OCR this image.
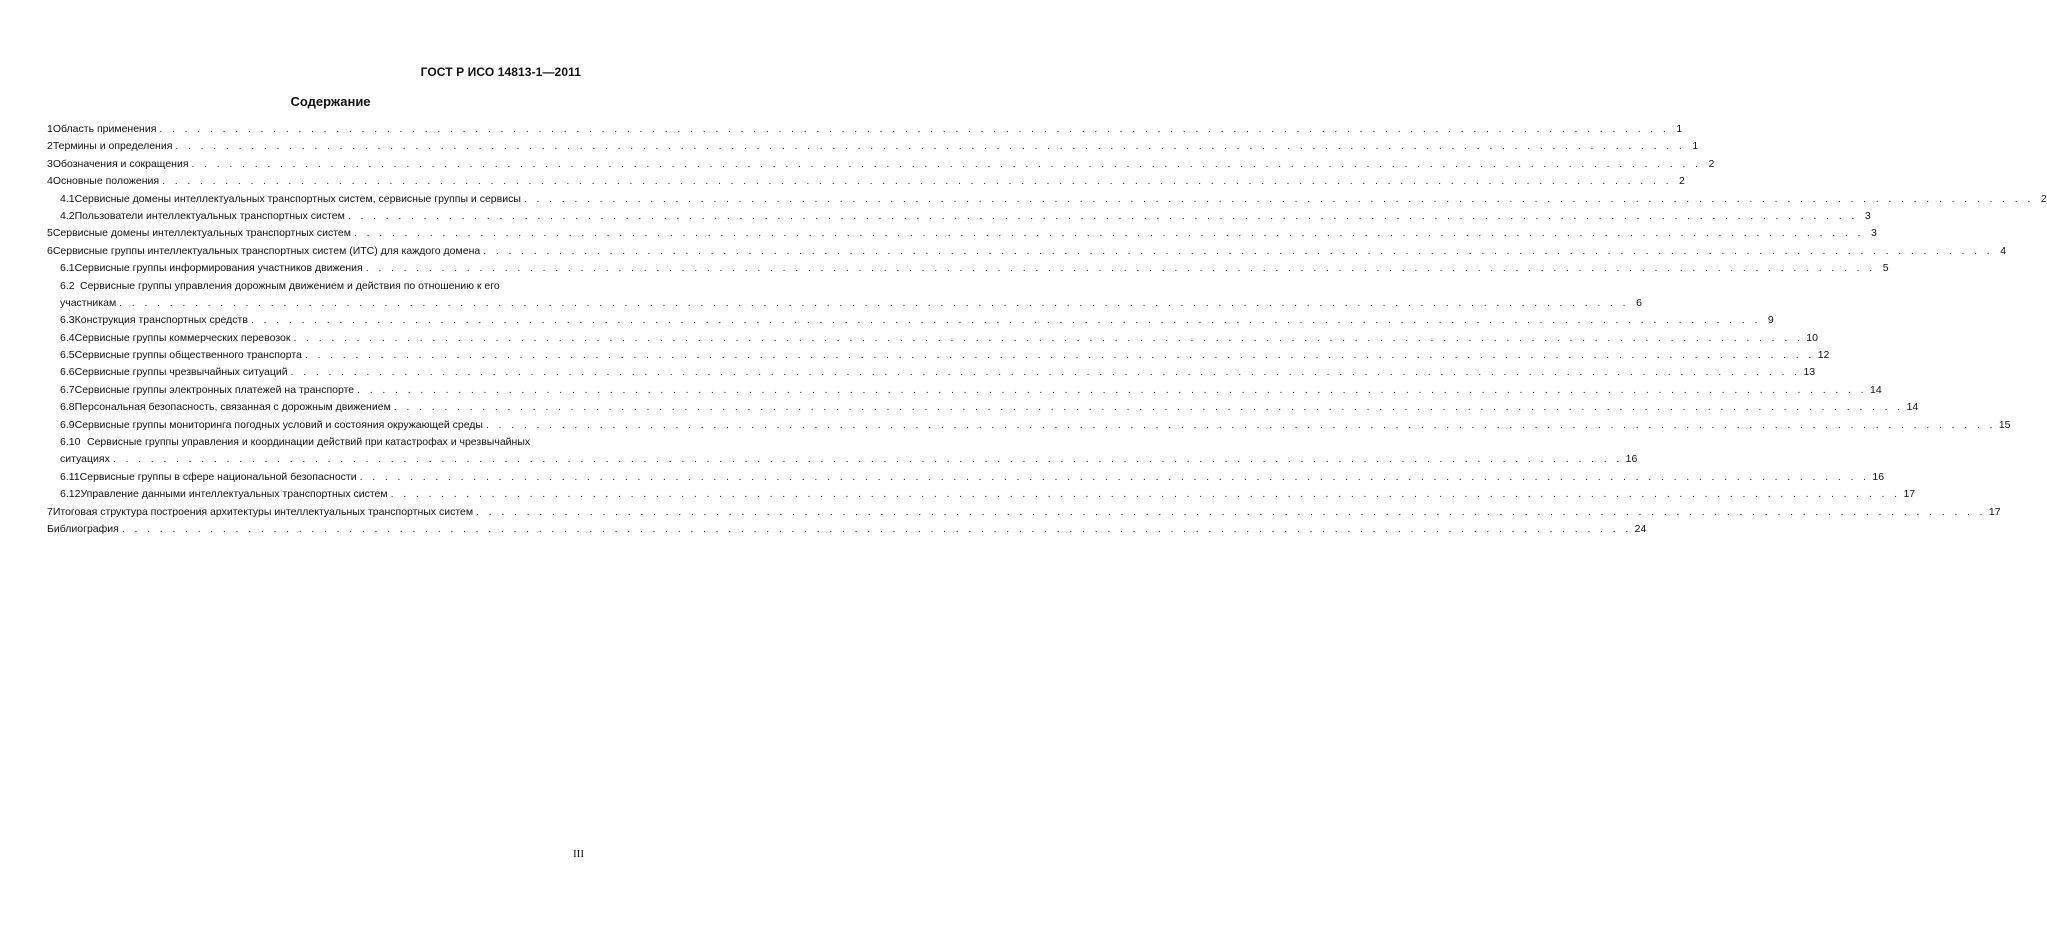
ГОСТ Р ИСО 14813-1—2011
Содержание
1 Область применения . . . . . . . . . . . . . . . . . . . . . . . . . . . . . . . . . . . . . . . . . . . . . . . . . . . . . . . . . . . . . . . . . . . . . . . . . . . . . . . . . . . . . . . . . . . . . . . . . . . . . . . . . . . . . . . . . . . . . . . . 1
2 Термины и определения . . . . . . . . . . . . . . . . . . . . . . . . . . . . . . . . . . . . . . . . . . . . . . . . . . . . . . . . . . . . . . . . . . . . . . . . . . . . . . . . . . . . . . . . . . . . . . . . . . . . . . . . . . . . . . . . . . . . . . . . 1
3 Обозначения и сокращения . . . . . . . . . . . . . . . . . . . . . . . . . . . . . . . . . . . . . . . . . . . . . . . . . . . . . . . . . . . . . . . . . . . . . . . . . . . . . . . . . . . . . . . . . . . . . . . . . . . . . . . . . . . . . . . . . . . . . . . . 2
4 Основные положения . . . . . . . . . . . . . . . . . . . . . . . . . . . . . . . . . . . . . . . . . . . . . . . . . . . . . . . . . . . . . . . . . . . . . . . . . . . . . . . . . . . . . . . . . . . . . . . . . . . . . . . . . . . . . . . . . . . . . . . . 2
4.1 Сервисные домены интеллектуальных транспортных систем, сервисные группы и сервисы . . . . . . . . . . . . . . . . . . . . . . . . . . . . . . . . . . . . . . . . . . . . . . . . . . . . . . . . . . . . . . . . . . . . . . . . . . . . . . . . . . . . . . . . . . . . . . . . . . . . . . . . . . . . . . . . . . . . . . . . 2
4.2 Пользователи интеллектуальных транспортных систем . . . . . . . . . . . . . . . . . . . . . . . . . . . . . . . . . . . . . . . . . . . . . . . . . . . . . . . . . . . . . . . . . . . . . . . . . . . . . . . . . . . . . . . . . . . . . . . . . . . . . . . . . . . . . . . . . . . . . . . . 3
5 Сервисные домены интеллектуальных транспортных систем . . . . . . . . . . . . . . . . . . . . . . . . . . . . . . . . . . . . . . . . . . . . . . . . . . . . . . . . . . . . . . . . . . . . . . . . . . . . . . . . . . . . . . . . . . . . . . . . . . . . . . . . . . . . . . . . . . . . . . . . 3
6 Сервисные группы интеллектуальных транспортных систем (ИТС) для каждого домена . . . . . . . . . . . . . . . . . . . . . . . . . . . . . . . . . . . . . . . . . . . . . . . . . . . . . . . . . . . . . . . . . . . . . . . . . . . . . . . . . . . . . . . . . . . . . . . . . . . . . . . . . . . . . . . . . . . . . . . . 4
6.1 Сервисные группы информирования участников движения . . . . . . . . . . . . . . . . . . . . . . . . . . . . . . . . . . . . . . . . . . . . . . . . . . . . . . . . . . . . . . . . . . . . . . . . . . . . . . . . . . . . . . . . . . . . . . . . . . . . . . . . . . . . . . . . . . . . . . . . 5
6.2 Сервисные группы управления дорожным движением и действия по отношению к его
участникам . . . . . . . . . . . . . . . . . . . . . . . . . . . . . . . . . . . . . . . . . . . . . . . . . . . . . . . . . . . . . . . . . . . . . . . . . . . . . . . . . . . . . . . . . . . . . . . . . . . . . . . . . . . . . . . . . . . . . . . . 6
6.3 Конструкция транспортных средств . . . . . . . . . . . . . . . . . . . . . . . . . . . . . . . . . . . . . . . . . . . . . . . . . . . . . . . . . . . . . . . . . . . . . . . . . . . . . . . . . . . . . . . . . . . . . . . . . . . . . . . . . . . . . . . . . . . . . . . . 9
6.4 Сервисные группы коммерческих перевозок . . . . . . . . . . . . . . . . . . . . . . . . . . . . . . . . . . . . . . . . . . . . . . . . . . . . . . . . . . . . . . . . . . . . . . . . . . . . . . . . . . . . . . . . . . . . . . . . . . . . . . . . . . . . . . . . . . . . . . . . 10
6.5 Сервисные группы общественного транспорта . . . . . . . . . . . . . . . . . . . . . . . . . . . . . . . . . . . . . . . . . . . . . . . . . . . . . . . . . . . . . . . . . . . . . . . . . . . . . . . . . . . . . . . . . . . . . . . . . . . . . . . . . . . . . . . . . . . . . . . . 12
6.6 Сервисные группы чрезвычайных ситуаций . . . . . . . . . . . . . . . . . . . . . . . . . . . . . . . . . . . . . . . . . . . . . . . . . . . . . . . . . . . . . . . . . . . . . . . . . . . . . . . . . . . . . . . . . . . . . . . . . . . . . . . . . . . . . . . . . . . . . . . . 13
6.7 Сервисные группы электронных платежей на транспорте . . . . . . . . . . . . . . . . . . . . . . . . . . . . . . . . . . . . . . . . . . . . . . . . . . . . . . . . . . . . . . . . . . . . . . . . . . . . . . . . . . . . . . . . . . . . . . . . . . . . . . . . . . . . . . . . . . . . . . . . 14
6.8 Персональная безопасность, связанная с дорожным движением . . . . . . . . . . . . . . . . . . . . . . . . . . . . . . . . . . . . . . . . . . . . . . . . . . . . . . . . . . . . . . . . . . . . . . . . . . . . . . . . . . . . . . . . . . . . . . . . . . . . . . . . . . . . . . . . . . . . . . . . 14
6.9 Сервисные группы мониторинга погодных условий и состояния окружающей среды . . . . . . . . . . . . . . . . . . . . . . . . . . . . . . . . . . . . . . . . . . . . . . . . . . . . . . . . . . . . . . . . . . . . . . . . . . . . . . . . . . . . . . . . . . . . . . . . . . . . . . . . . . . . . . . . . . . . . . . . 15
6.10 Сервисные группы управления и координации действий при катастрофах и чрезвычайных
ситуациях . . . . . . . . . . . . . . . . . . . . . . . . . . . . . . . . . . . . . . . . . . . . . . . . . . . . . . . . . . . . . . . . . . . . . . . . . . . . . . . . . . . . . . . . . . . . . . . . . . . . . . . . . . . . . . . . . . . . . . . . 16
6.11 Сервисные группы в сфере национальной безопасности . . . . . . . . . . . . . . . . . . . . . . . . . . . . . . . . . . . . . . . . . . . . . . . . . . . . . . . . . . . . . . . . . . . . . . . . . . . . . . . . . . . . . . . . . . . . . . . . . . . . . . . . . . . . . . . . . . . . . . . . 16
6.12 Управление данными интеллектуальных транспортных систем . . . . . . . . . . . . . . . . . . . . . . . . . . . . . . . . . . . . . . . . . . . . . . . . . . . . . . . . . . . . . . . . . . . . . . . . . . . . . . . . . . . . . . . . . . . . . . . . . . . . . . . . . . . . . . . . . . . . . . . . 17
7 Итоговая структура построения архитектуры интеллектуальных транспортных систем . . . . . . . . . . . . . . . . . . . . . . . . . . . . . . . . . . . . . . . . . . . . . . . . . . . . . . . . . . . . . . . . . . . . . . . . . . . . . . . . . . . . . . . . . . . . . . . . . . . . . . . . . . . . . . . . . . . . . . . . 17
Библиография . . . . . . . . . . . . . . . . . . . . . . . . . . . . . . . . . . . . . . . . . . . . . . . . . . . . . . . . . . . . . . . . . . . . . . . . . . . . . . . . . . . . . . . . . . . . . . . . . . . . . . . . . . . . . . . . . . . . . . . . 24
III
